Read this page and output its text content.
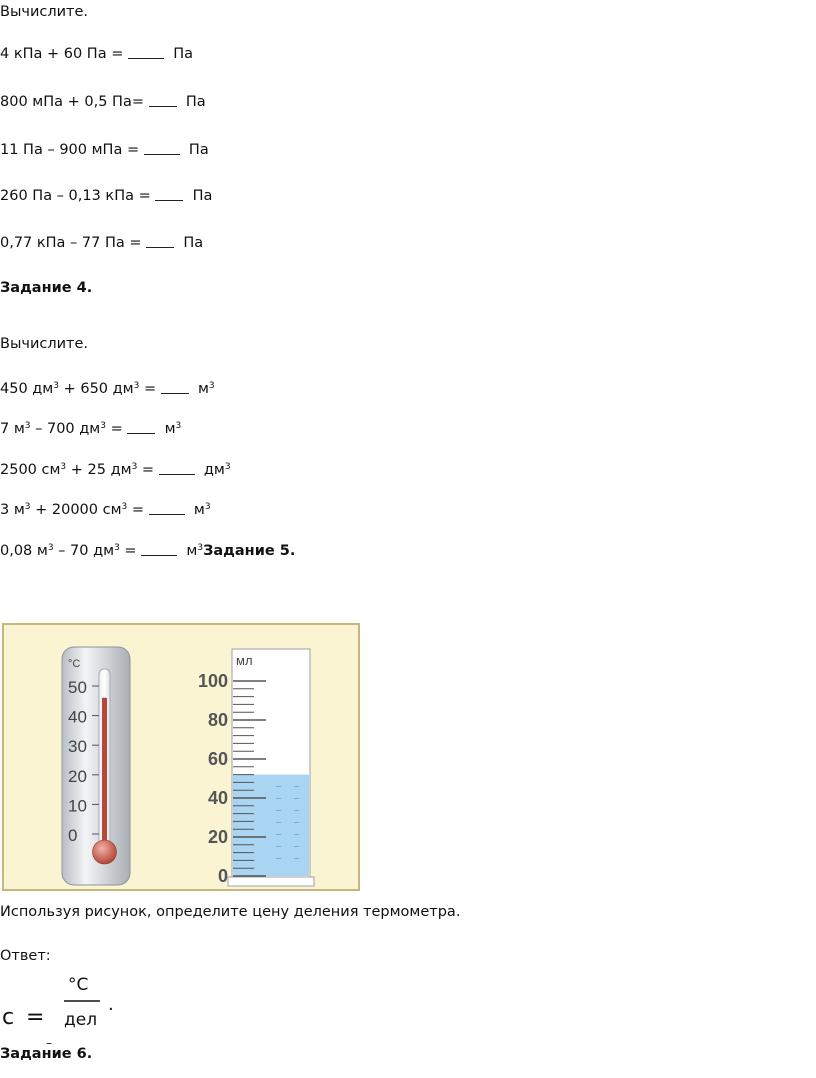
Вычислите.
4 кПа + 60 Па =	Па
800 мПа + 0,5 Па=	Па
11 Па – 900 мПа =	Па
260 Па – 0,13 кПа =	Па
0,77 кПа – 77 Па =	Па
Задание 4.
Вычислите.
450 $дм^3 + 650$ $дм^3$ =	$м^3$
7 $м^3 - 700$ $дм^3$ =	$м^3$
2500 $см^3 + 25$ $дм^3$ =	$дм^3$
3 $м^3 + 20000$ $см^3$ =	$м^3$
0,08 $м^3 - 70$ $дм^3$ =	$м^3Задание$ 5.
°С
50
40
30
20
10
0
мл
100
80
60
40
20
0
Используя рисунок, определите цену деления термометра.
Ответ:
с =
°С
дел
.
–
Задание 6.
